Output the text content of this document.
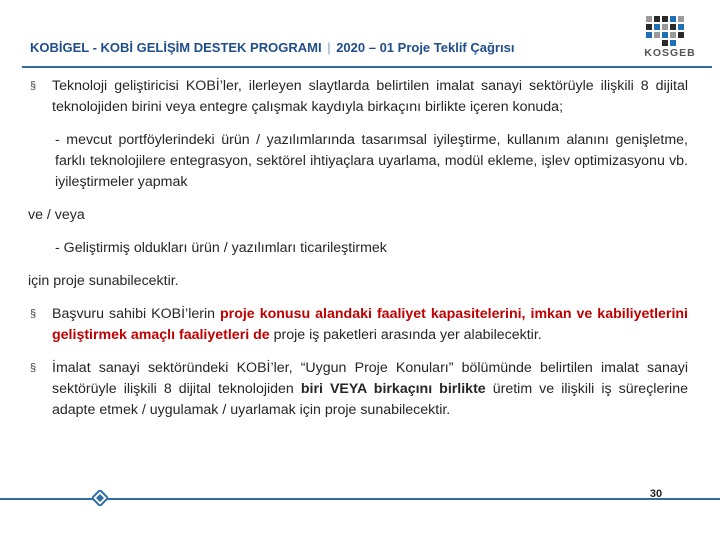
KOBİGEL - KOBİ GELİŞİM DESTEK PROGRAMI | 2020 – 01 Proje Teklif Çağrısı	KOSGEB
§ Teknoloji geliştiricisi KOBİ’ler, ilerleyen slaytlarda belirtilen imalat sanayi sektörüyle ilişkili 8 dijital teknolojiden birini veya entegre çalışmak kaydıyla birkaçını birlikte içeren konuda;
- mevcut portföylerindeki ürün / yazılımlarında tasarımsal iyileştirme, kullanım alanını genişletme, farklı teknolojilere entegrasyon, sektörel ihtiyaçlara uyarlama, modül ekleme, işlev optimizasyonu vb. iyileştirmeler yapmak
ve / veya
- Geliştirmiş oldukları ürün / yazılımları ticarileştirmek
için proje sunabilecektir.
§ Başvuru sahibi KOBİ’lerin proje konusu alandaki faaliyet kapasitelerini, imkan ve kabiliyetlerini geliştirmek amaçlı faaliyetleri de proje iş paketleri arasında yer alabilecektir.
§ İmalat sanayi sektöründeki KOBİ’ler, “Uygun Proje Konuları” bölümünde belirtilen imalat sanayi sektörüyle ilişkili 8 dijital teknolojiden biri VEYA birkaçını birlikte üretim ve ilişkili iş süreçlerine adapte etmek / uygulamak / uyarlamak için proje sunabilecektir.
30
